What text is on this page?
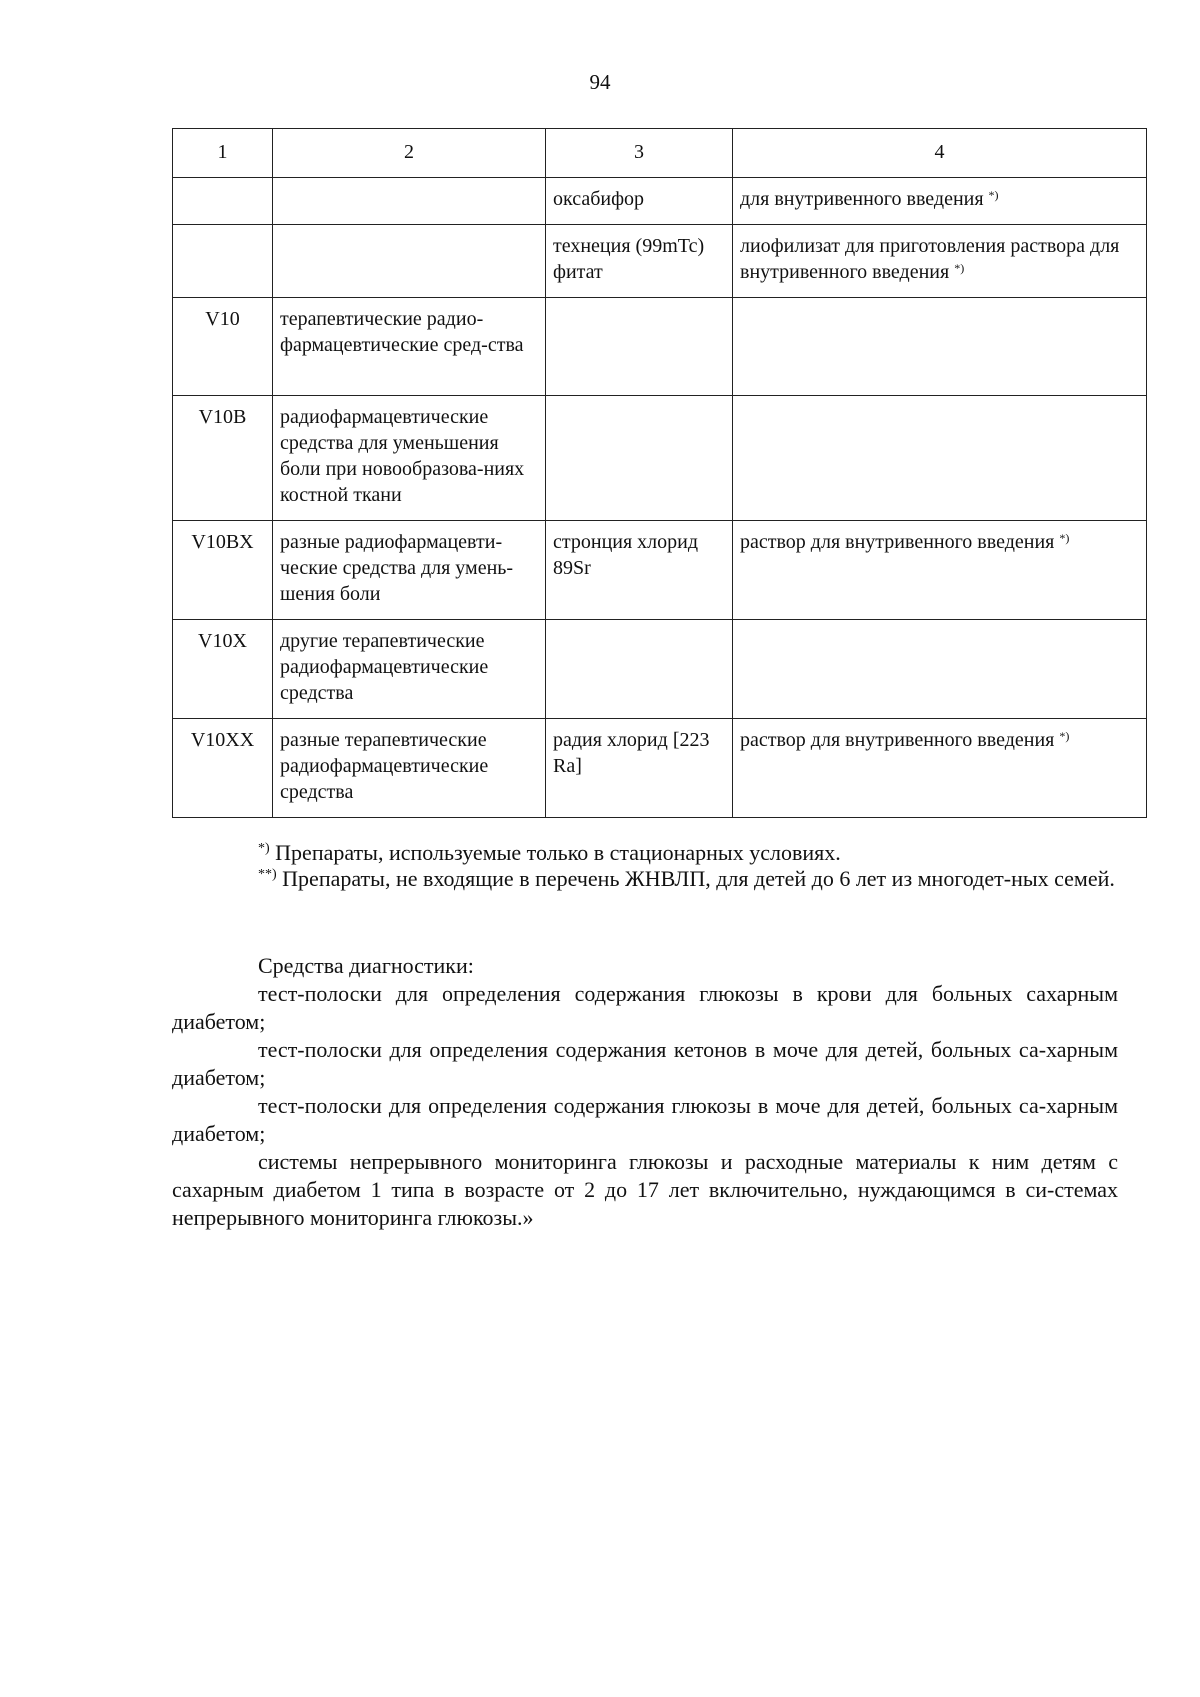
94
1	2	3	4
		оксабифор	для внутривенного введения *)
		технеция (99mTc) фитат	лиофилизат для приготовления раствора для внутривенного введения *)
V10	терапевтические радио-фармацевтические сред-ства		
V10B	радиофармацевтические средства для уменьшения боли при новообразова-ниях костной ткани		
V10BX	разные радиофармацевти-ческие средства для умень-шения боли	стронция хлорид 89Sr	раствор для внутривенного введения *)
V10X	другие терапевтические радиофармацевтические средства		
V10XX	разные терапевтические радиофармацевтические средства	радия хлорид [223 Ra]	раствор для внутривенного введения *)

*) Препараты, используемые только в стационарных условиях.

**) Препараты, не входящие в перечень ЖНВЛП, для детей до 6 лет из многодет-ных семей.

Средства диагностики:

тест-полоски для определения содержания глюкозы в крови для больных сахарным диабетом;

тест-полоски для определения содержания кетонов в моче для детей, больных са-харным диабетом;

тест-полоски для определения содержания глюкозы в моче для детей, больных са-харным диабетом;

системы непрерывного мониторинга глюкозы и расходные материалы к ним детям с сахарным диабетом 1 типа в возрасте от 2 до 17 лет включительно, нуждающимся в си-стемах непрерывного мониторинга глюкозы.»
